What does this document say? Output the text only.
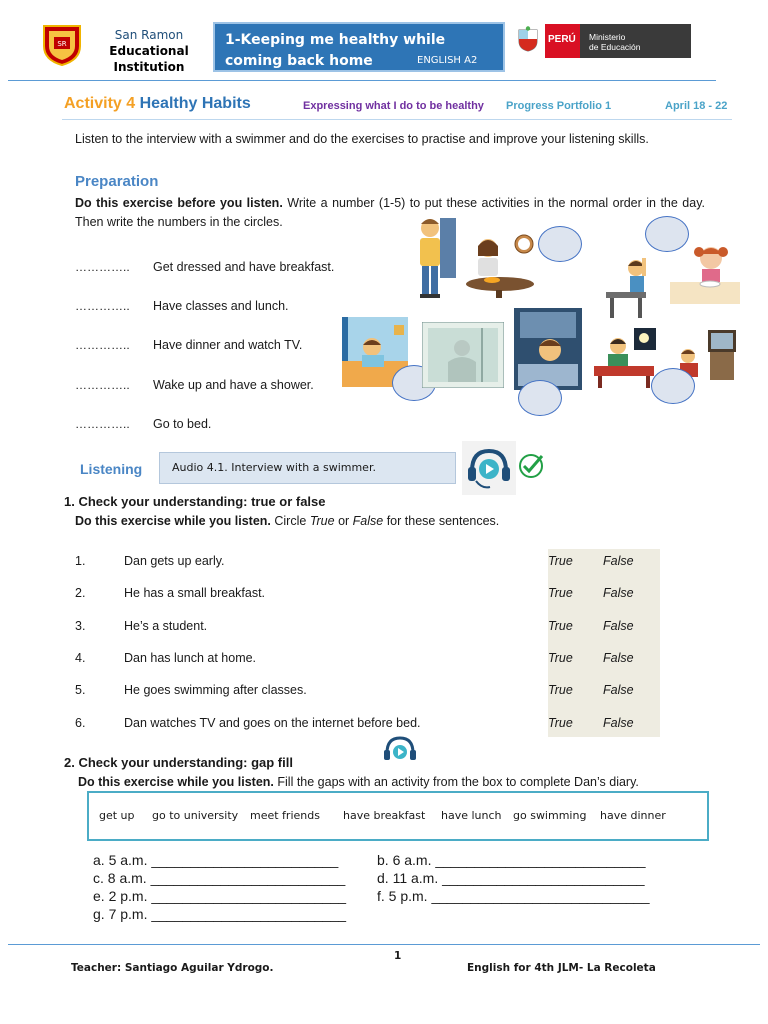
SR
San Ramon
Educational Institution
1-Keeping me healthy while coming back home	ENGLISH A2
PERÚ Ministerio
de Educación
Activity 4 Healthy Habits	Expressing what I do to be healthy Progress Portfolio 1	April 18 - 22
Listen to the interview with a swimmer and do the exercises to practise and improve your listening skills.
Preparation
Do this exercise before you listen. Write a number (1-5) to put these activities in the normal order in the day. Then write the numbers in the circles.
………….. Get dressed and have breakfast.
………….. Have classes and lunch.
………….. Have dinner and watch TV.
………….. Wake up and have a shower.
………….. Go to bed.
Listening	Audio 4.1. Interview with a swimmer.
1. Check your understanding: true or false
Do this exercise while you listen. Circle True or False for these sentences.
1.	Dan gets up early.	True False
2.	He has a small breakfast.	True False
3.	He’s a student.	True False
4.	Dan has lunch at home.	True False
5.	He goes swimming after classes.	True False
6.	Dan watches TV and goes on the internet before bed.	True False
2. Check your understanding: gap fill
Do this exercise while you listen. Fill the gaps with an activity from the box to complete Dan’s diary.
get up go to university meet friends have breakfast have lunch go swimming have dinner
a. 5 a.m. ________________________	b. 6 a.m. ___________________________
c. 8 a.m. _________________________ d. 11 a.m. __________________________
e. 2 p.m. _________________________ f. 5 p.m. ____________________________
g. 7 p.m. _________________________
1
Teacher: Santiago Aguilar Ydrogo.	English for 4th JLM- La Recoleta
